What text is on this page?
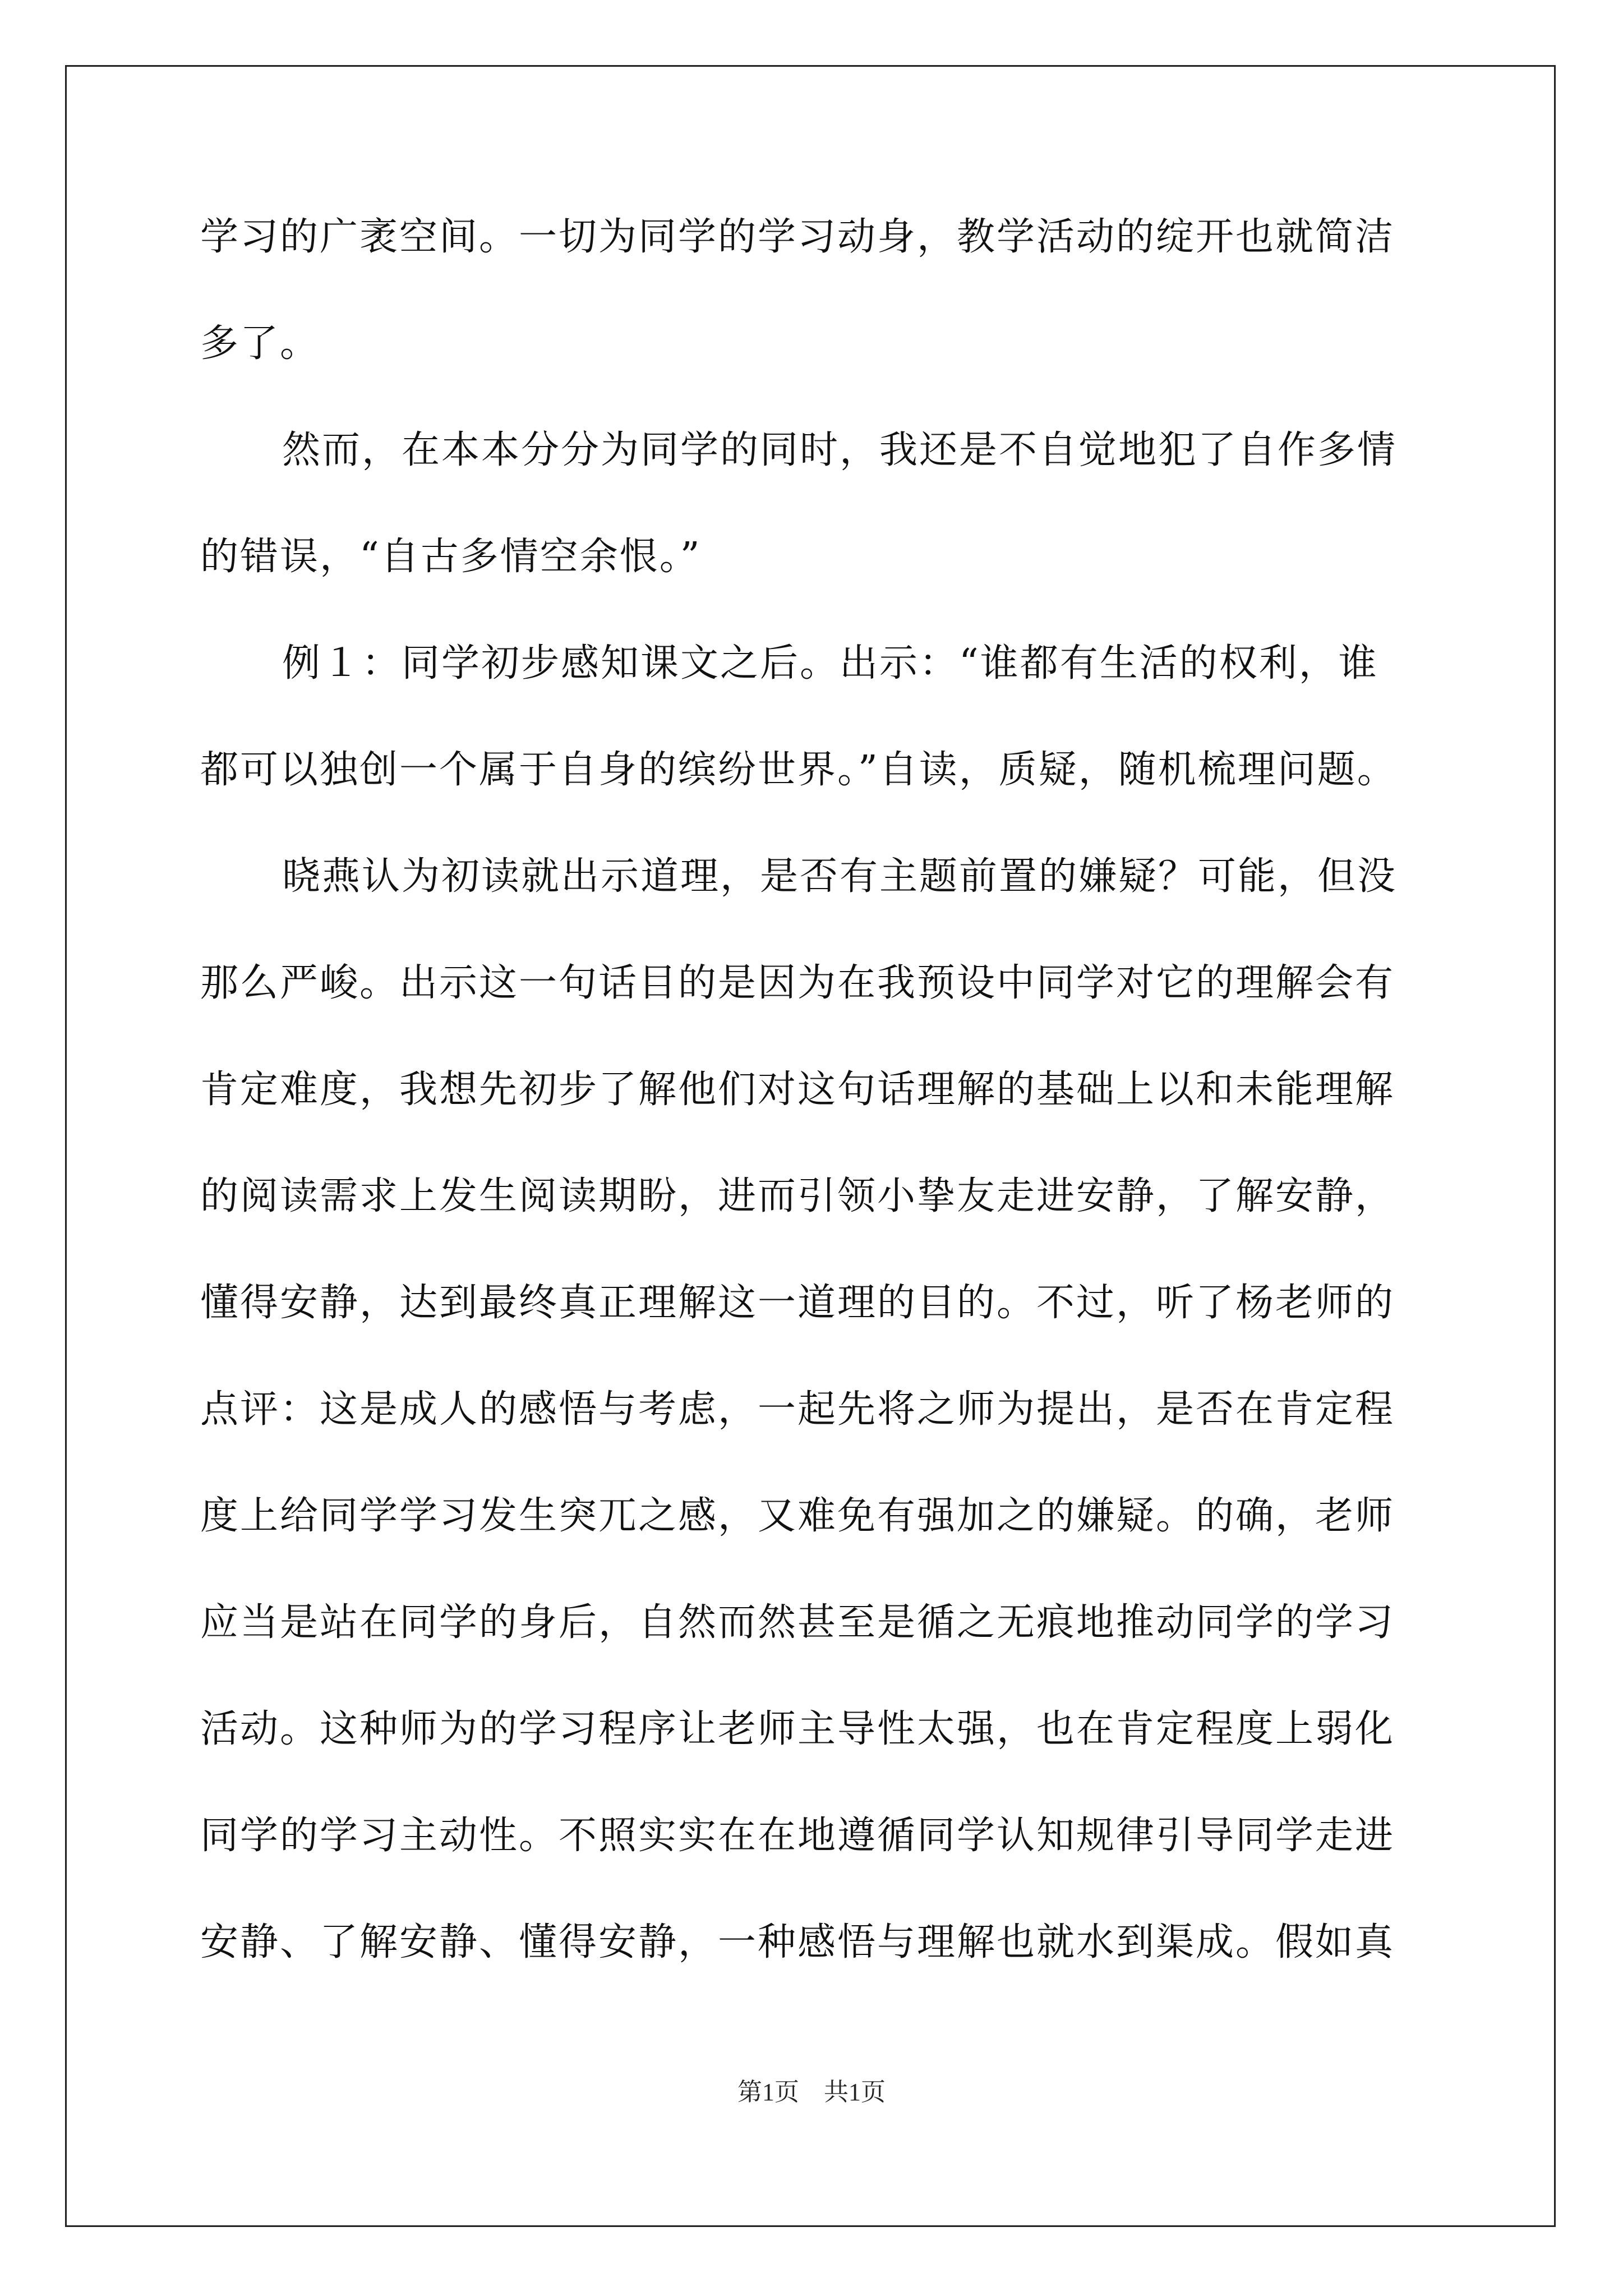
学习的广袤空间。一切为同学的学习动身，教学活动的绽开也就简洁
多了。
然而，在本本分分为同学的同时，我还是不自觉地犯了自作多情
的错误，“自古多情空余恨。”
例１：同学初步感知课文之后。出示：“谁都有生活的权利，谁
都可以独创一个属于自身的缤纷世界。”自读，质疑，随机梳理问题。
晓燕认为初读就出示道理，是否有主题前置的嫌疑？可能，但没
那么严峻。出示这一句话目的是因为在我预设中同学对它的理解会有
肯定难度，我想先初步了解他们对这句话理解的基础上以和未能理解
的阅读需求上发生阅读期盼，进而引领小挚友走进安静，了解安静，
懂得安静，达到最终真正理解这一道理的目的。不过，听了杨老师的
点评：这是成人的感悟与考虑，一起先将之师为提出，是否在肯定程
度上给同学学习发生突兀之感，又难免有强加之的嫌疑。的确，老师
应当是站在同学的身后，自然而然甚至是循之无痕地推动同学的学习
活动。这种师为的学习程序让老师主导性太强，也在肯定程度上弱化
同学的学习主动性。不照实实在在地遵循同学认知规律引导同学走进
安静、了解安静、懂得安静，一种感悟与理解也就水到渠成。假如真
第1页　共1页
